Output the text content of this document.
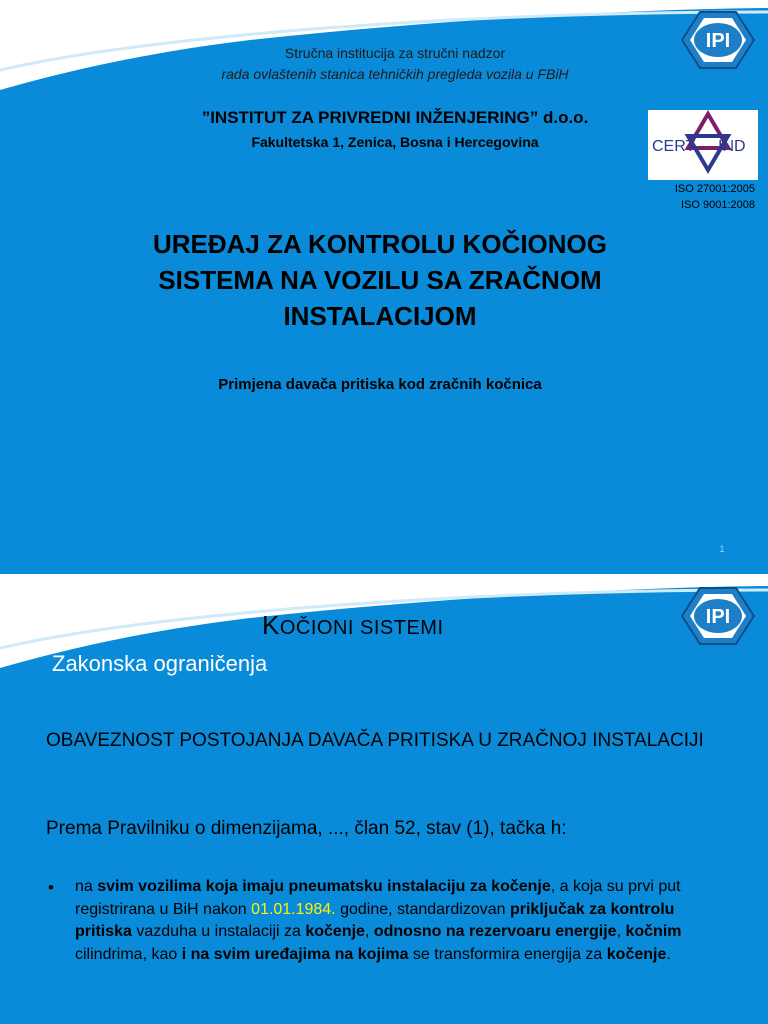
IPI
Stručna institucija za stručni nadzor
rada ovlaštenih stanica tehničkih pregleda vozila u FBiH
”INSTITUT ZA PRIVREDNI INŽENJERING” d.o.o.
Fakultetska 1, Zenica, Bosna i Hercegovina	CERT IND
ISO 27001:2005
ISO 9001:2008
UREĐAJ ZA KONTROLU KOČIONOG
SISTEMA NA VOZILU SA ZRAČNOM
INSTALACIJOM
Primjena davača pritiska kod zračnih kočnica
1
IPI
KOČIONI SISTEMI
Zakonska ograničenja
OBAVEZNOST POSTOJANJA DAVAČA PRITISKA U ZRAČNOJ INSTALACIJI
Prema Pravilniku o dimenzijama, ..., član 52, stav (1), tačka h:
• na svim vozilima koja imaju pneumatsku instalaciju za kočenje, a koja su prvi put registrirana u BiH nakon 01.01.1984. godine, standardizovan priključak za kontrolu pritiska vazduha u instalaciji za kočenje, odnosno na rezervoaru energije, kočnim cilindrima, kao i na svim uređajima na kojima se transformira energija za kočenje.
